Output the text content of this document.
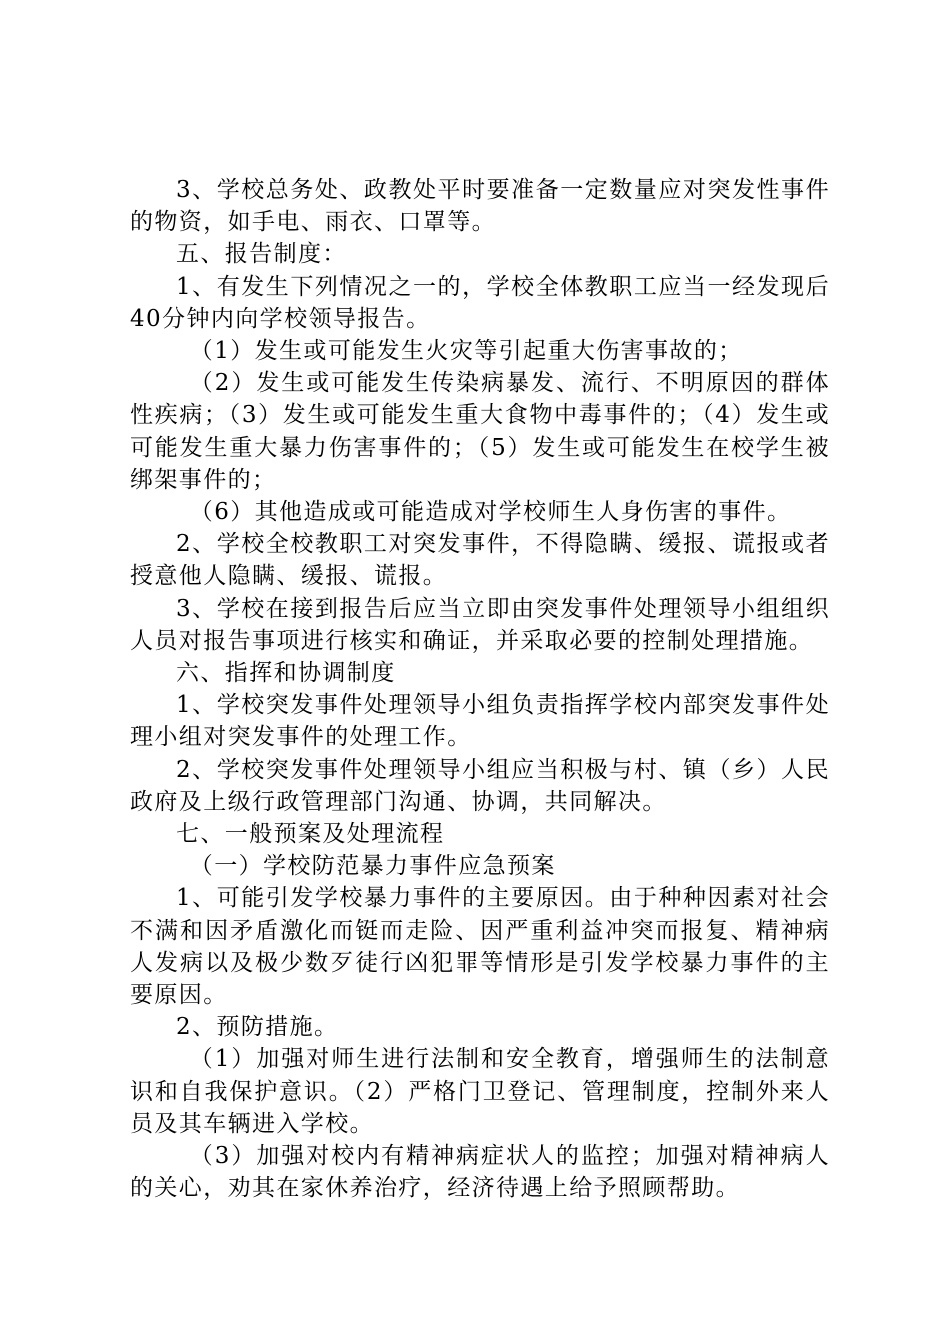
3、学校总务处、政教处平时要准备一定数量应对突发性事件的物资，如手电、雨衣、口罩等。

五、报告制度：

1、有发生下列情况之一的，学校全体教职工应当一经发现后40分钟内向学校领导报告。

（1）发生或可能发生火灾等引起重大伤害事故的；

（2）发生或可能发生传染病暴发、流行、不明原因的群体性疾病；（3）发生或可能发生重大食物中毒事件的；（4）发生或可能发生重大暴力伤害事件的；（5）发生或可能发生在校学生被绑架事件的；

（6）其他造成或可能造成对学校师生人身伤害的事件。

2、学校全校教职工对突发事件，不得隐瞒、缓报、谎报或者授意他人隐瞒、缓报、谎报。

3、学校在接到报告后应当立即由突发事件处理领导小组组织人员对报告事项进行核实和确证，并采取必要的控制处理措施。

六、指挥和协调制度

1、学校突发事件处理领导小组负责指挥学校内部突发事件处理小组对突发事件的处理工作。

2、学校突发事件处理领导小组应当积极与村、镇（乡）人民政府及上级行政管理部门沟通、协调，共同解决。

七、一般预案及处理流程

（一）学校防范暴力事件应急预案

1、可能引发学校暴力事件的主要原因。由于种种因素对社会不满和因矛盾激化而铤而走险、因严重利益冲突而报复、精神病人发病以及极少数歹徒行凶犯罪等情形是引发学校暴力事件的主要原因。

2、预防措施。

（1）加强对师生进行法制和安全教育，增强师生的法制意识和自我保护意识。（2）严格门卫登记、管理制度，控制外来人员及其车辆进入学校。

（3）加强对校内有精神病症状人的监控；加强对精神病人的关心，劝其在家休养治疗，经济待遇上给予照顾帮助。
